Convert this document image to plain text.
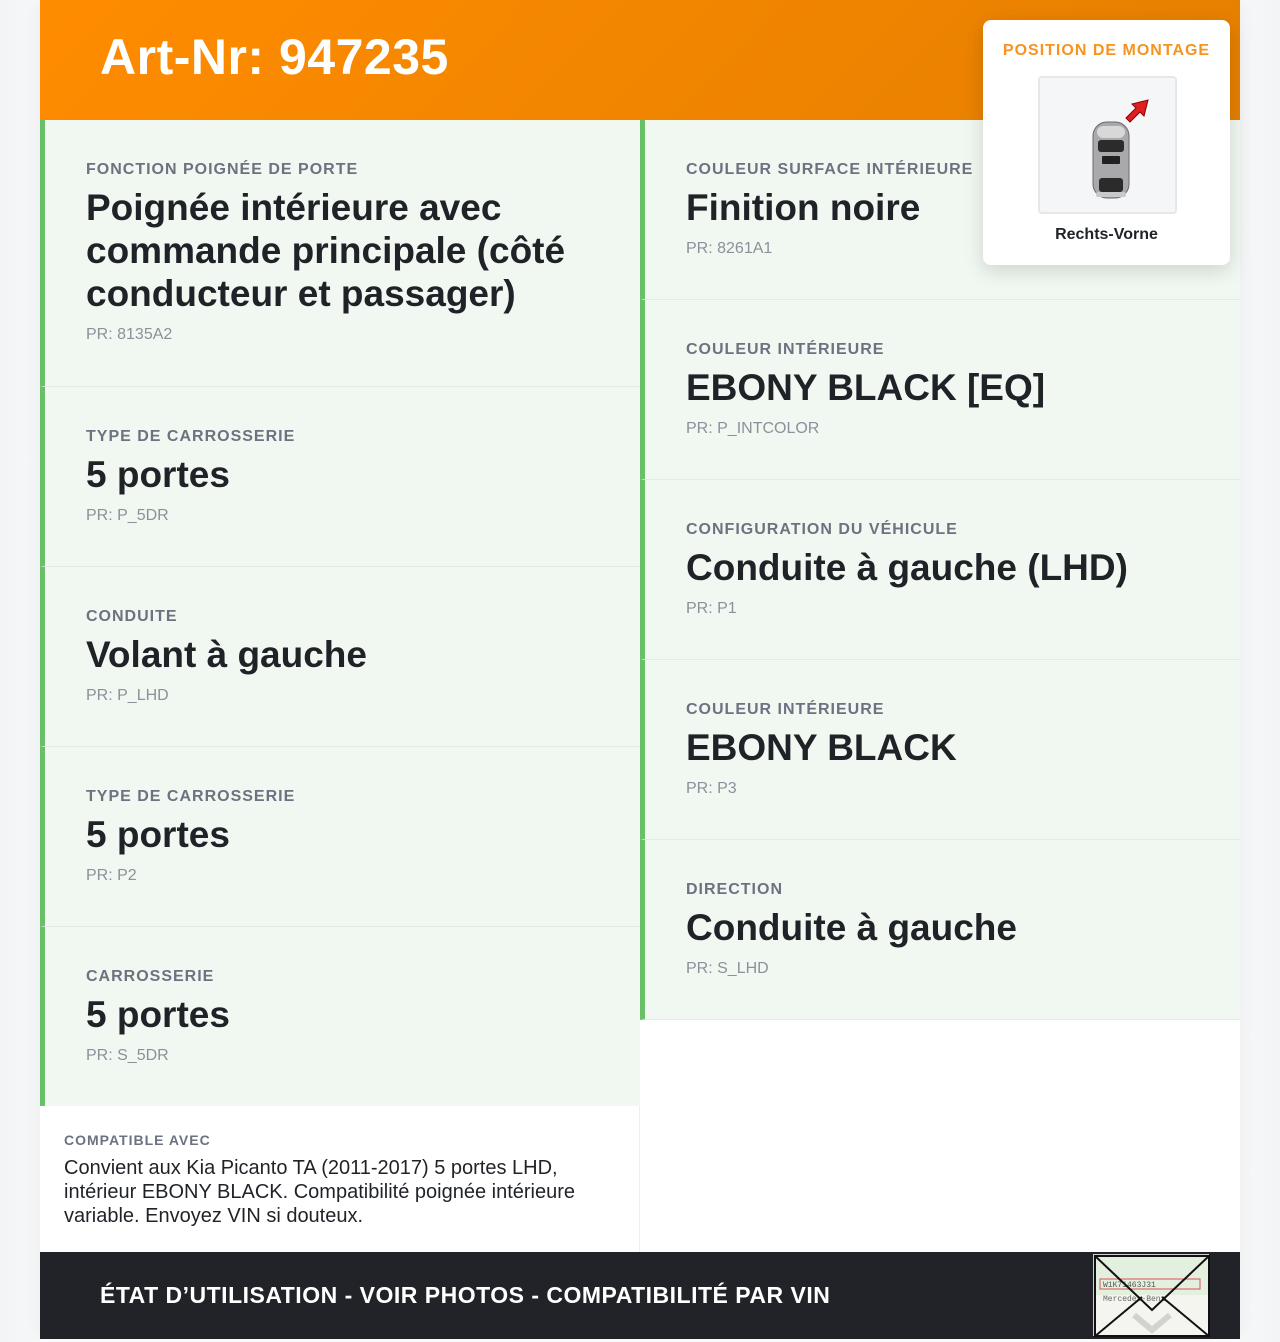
Art-Nr: 947235
FONCTION POIGNÉE DE PORTE
Poignée intérieure avec commande principale (côté conducteur et passager)
PR: 8135A2
TYPE DE CARROSSERIE
5 portes
PR: P_5DR
CONDUITE
Volant à gauche
PR: P_LHD
TYPE DE CARROSSERIE
5 portes
PR: P2
CARROSSERIE
5 portes
PR: S_5DR
COULEUR SURFACE INTÉRIEURE
Finition noire
PR: 8261A1
COULEUR INTÉRIEURE
EBONY BLACK [EQ]
PR: P_INTCOLOR
CONFIGURATION DU VÉHICULE
Conduite à gauche (LHD)
PR: P1
COULEUR INTÉRIEURE
EBONY BLACK
PR: P3
DIRECTION
Conduite à gauche
PR: S_LHD
COMPATIBLE AVEC
Convient aux Kia Picanto TA (2011-2017) 5 portes LHD, intérieur EBONY BLACK. Compatibilité poignée intérieure variable. Envoyez VIN si douteux.
ÉTAT D’UTILISATION - VOIR PHOTOS - COMPATIBILITÉ PAR VIN	W1K71463J31
Mercedes-Benz
POSITION DE MONTAGE
Rechts-Vorne
